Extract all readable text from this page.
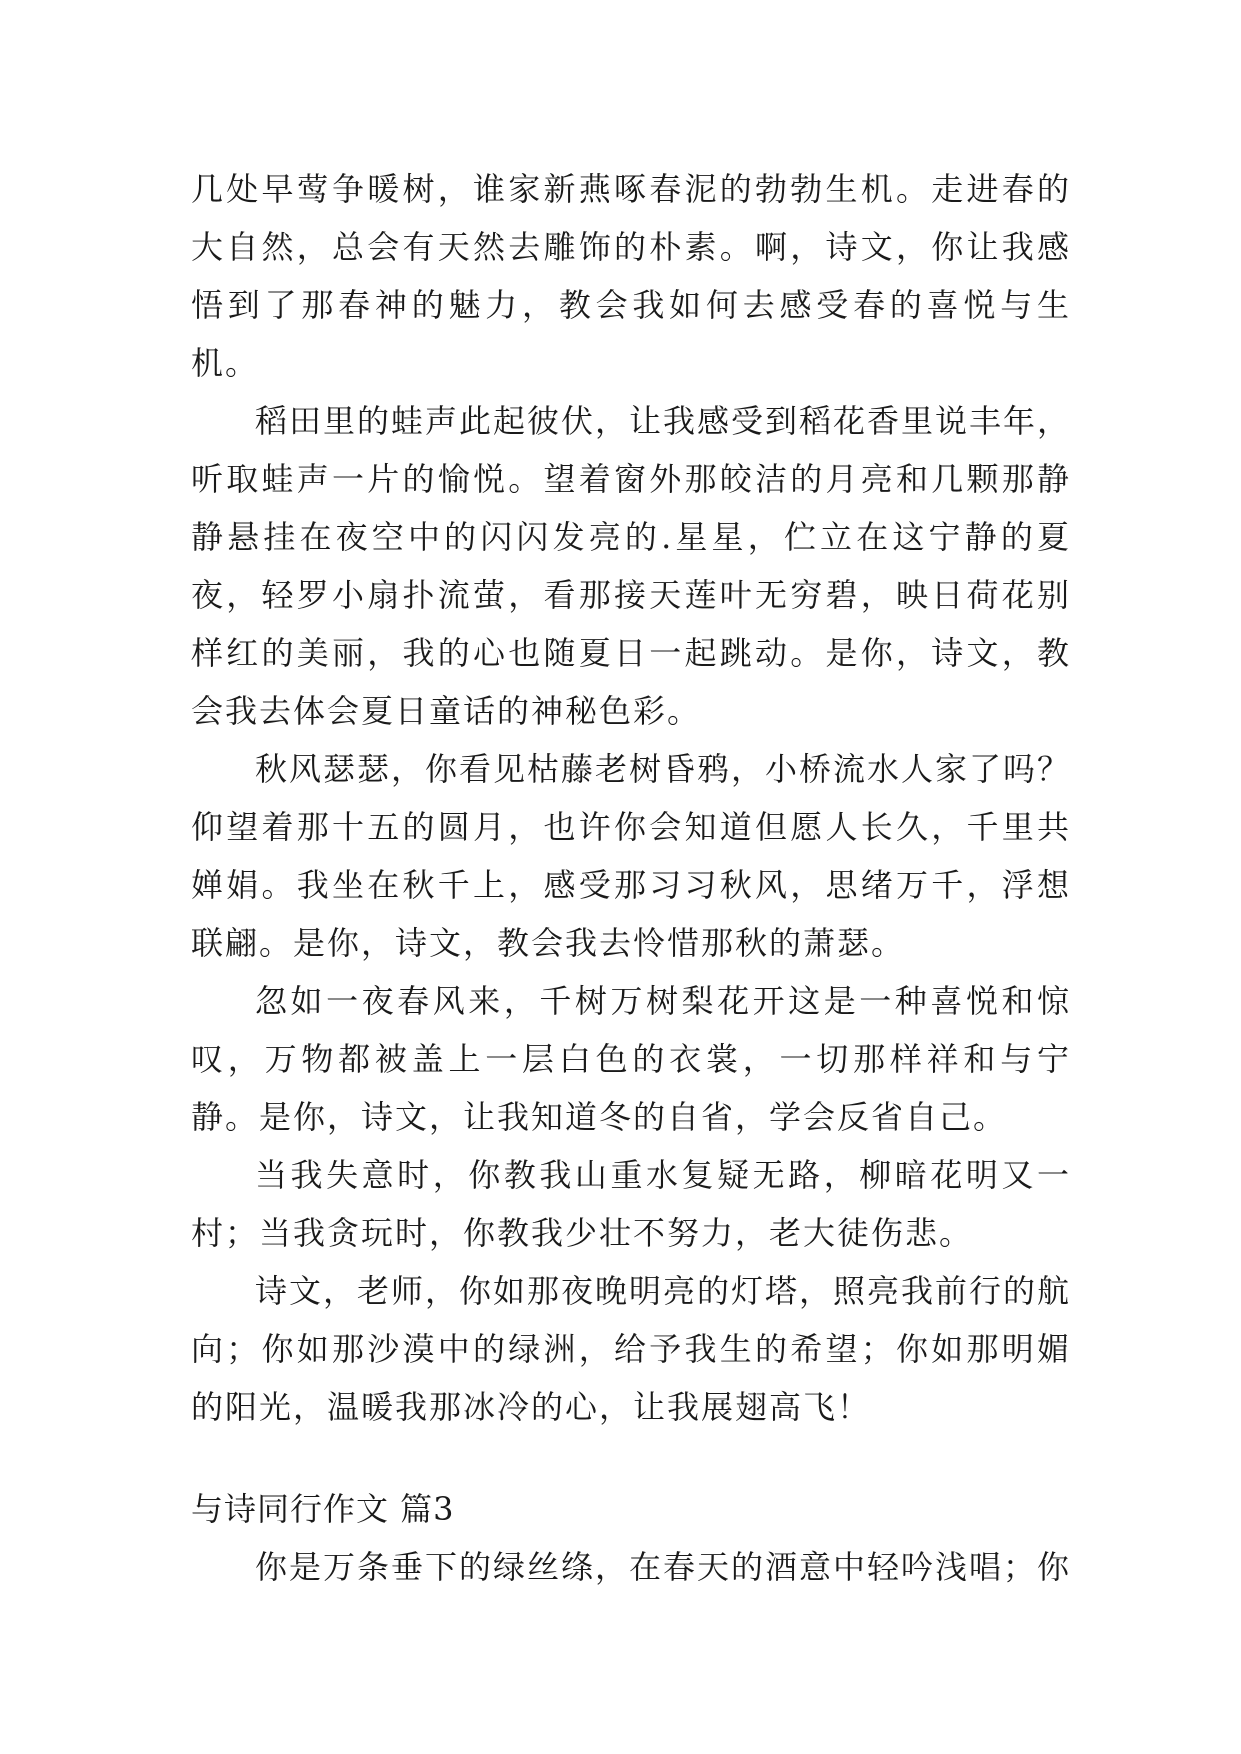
几处早莺争暖树，谁家新燕啄春泥的勃勃生机。走进春的大自然，总会有天然去雕饰的朴素。啊，诗文，你让我感悟到了那春神的魅力，教会我如何去感受春的喜悦与生机。

稻田里的蛙声此起彼伏，让我感受到稻花香里说丰年，听取蛙声一片的愉悦。望着窗外那皎洁的月亮和几颗那静静悬挂在夜空中的闪闪发亮的.星星，伫立在这宁静的夏夜，轻罗小扇扑流萤，看那接天莲叶无穷碧，映日荷花别样红的美丽，我的心也随夏日一起跳动。是你，诗文，教会我去体会夏日童话的神秘色彩。

秋风瑟瑟，你看见枯藤老树昏鸦，小桥流水人家了吗？仰望着那十五的圆月，也许你会知道但愿人长久，千里共婵娟。我坐在秋千上，感受那习习秋风，思绪万千，浮想联翩。是你，诗文，教会我去怜惜那秋的萧瑟。

忽如一夜春风来，千树万树梨花开这是一种喜悦和惊叹，万物都被盖上一层白色的衣裳，一切那样祥和与宁静。是你，诗文，让我知道冬的自省，学会反省自己。

当我失意时，你教我山重水复疑无路，柳暗花明又一村；当我贪玩时，你教我少壮不努力，老大徒伤悲。

诗文，老师，你如那夜晚明亮的灯塔，照亮我前行的航向；你如那沙漠中的绿洲，给予我生的希望；你如那明媚的阳光，温暖我那冰冷的心，让我展翅高飞！

与诗同行作文 篇3

你是万条垂下的绿丝绦，在春天的酒意中轻吟浅唱；你
